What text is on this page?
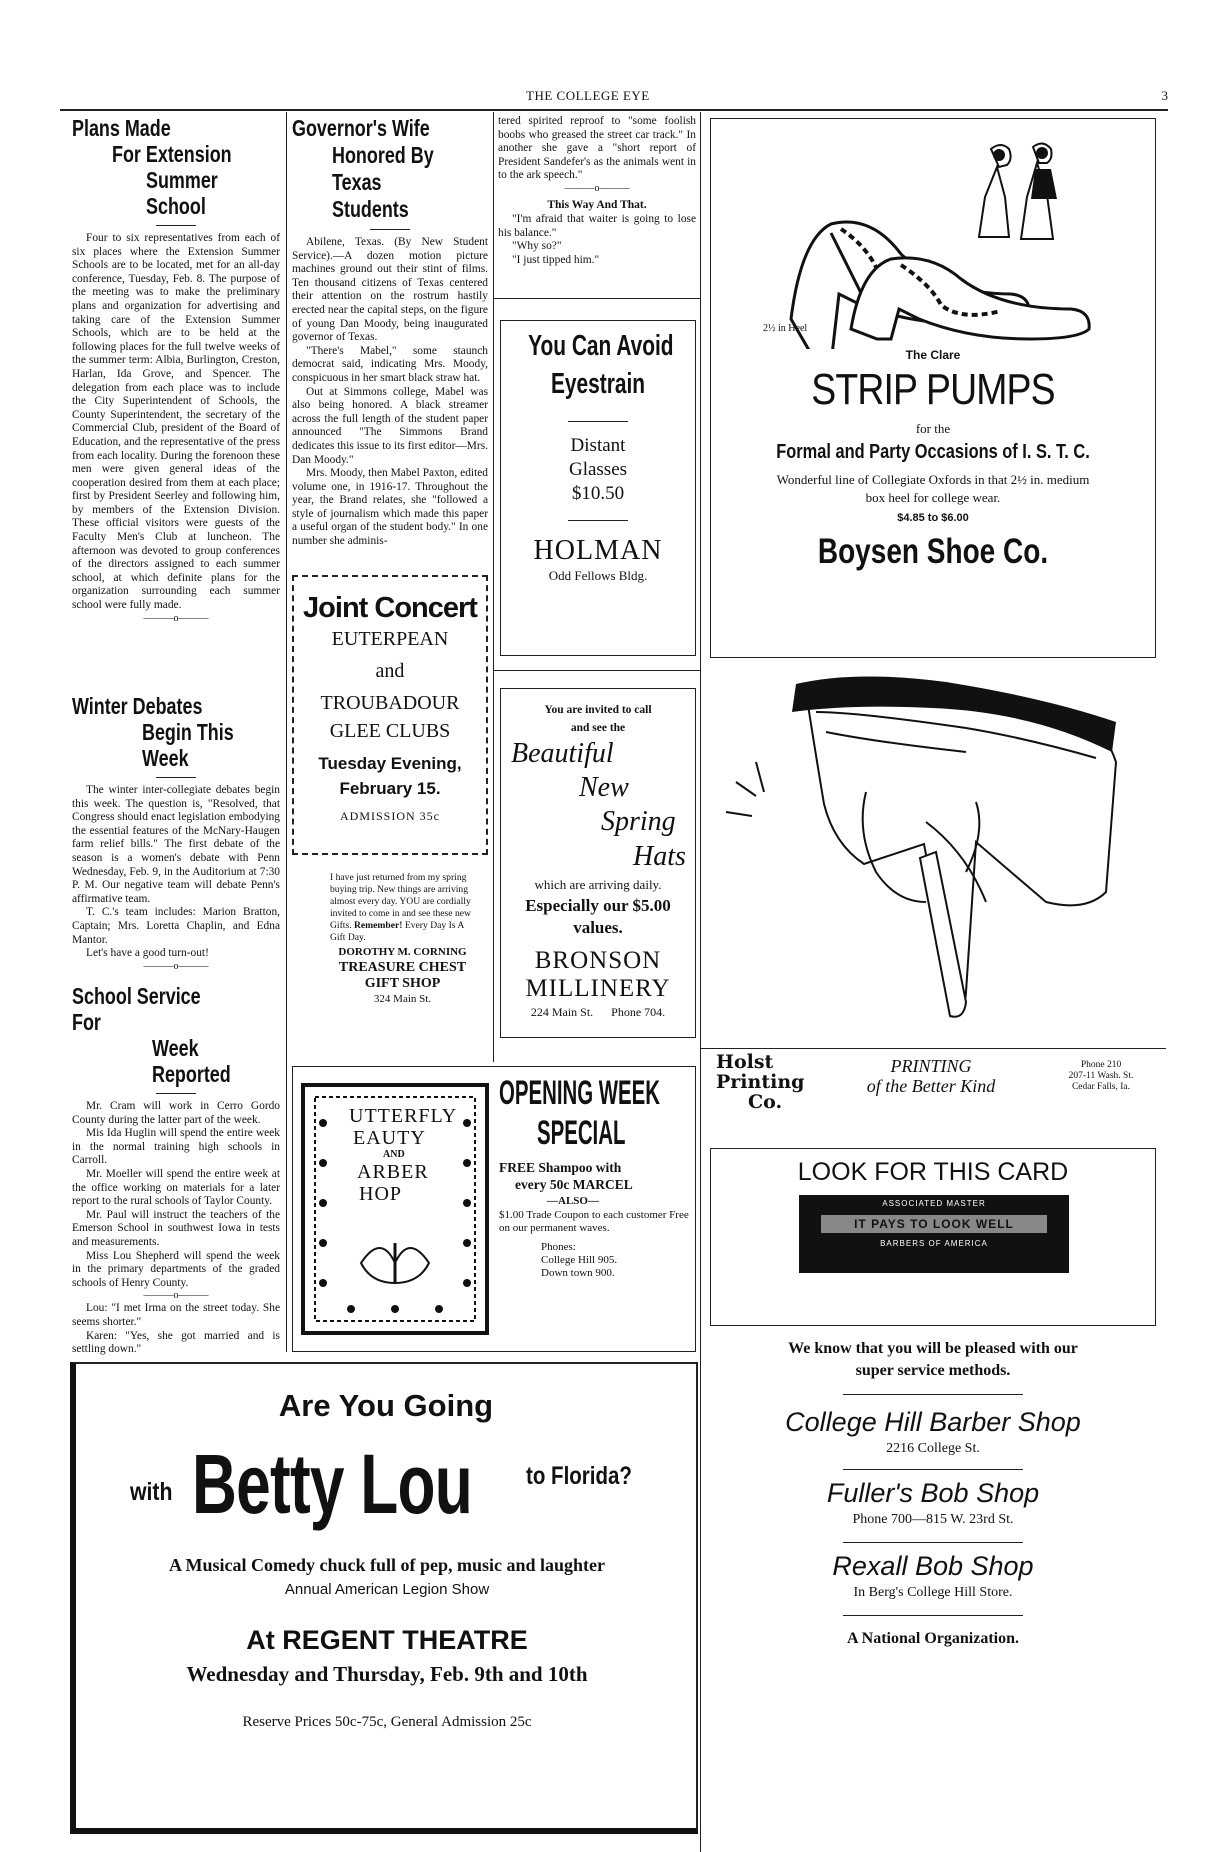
THE COLLEGE EYE	3
Plans Made
For Extension
Summer School

Four to six representatives from each of six places where the Extension Summer Schools are to be located, met for an all-day conference, Tuesday, Feb. 8. The purpose of the meeting was to make the preliminary plans and organization for advertising and taking care of the Extension Summer Schools, which are to be held at the following places for the full twelve weeks of the summer term: Albia, Burlington, Creston, Harlan, Ida Grove, and Spencer. The delegation from each place was to include the City Superintendent of Schools, the County Superintendent, the secretary of the Commercial Club, president of the Board of Education, and the representative of the press from each locality. During the forenoon these men were given general ideas of the cooperation desired from them at each place; first by President Seerley and following him, by members of the Extension Division. These official visitors were guests of the Faculty Men's Club at luncheon. The afternoon was devoted to group conferences of the directors assigned to each summer school, at which definite plans for the organization surrounding each summer school were fully made.

———o———
Winter Debates
Begin This Week

The winter inter-collegiate debates begin this week. The question is, "Resolved, that Congress should enact legislation embodying the essential features of the McNary-Haugen farm relief bills." The first debate of the season is a women's debate with Penn Wednesday, Feb. 9, in the Auditorium at 7:30 P. M. Our negative team will debate Penn's affirmative team.

T. C.'s team includes: Marion Bratton, Captain; Mrs. Loretta Chaplin, and Edna Mantor.

Let's have a good turn-out!

———o———
School Service For
Week Reported

Mr. Cram will work in Cerro Gordo County during the latter part of the week.

Mis Ida Huglin will spend the entire week in the normal training high schools in Carroll.

Mr. Moeller will spend the entire week at the office working on materials for a later report to the rural schools of Taylor County.

Mr. Paul will instruct the teachers of the Emerson School in southwest Iowa in tests and measurements.

Miss Lou Shepherd will spend the week in the primary departments of the graded schools of Henry County.

———o———

Lou: "I met Irma on the street today. She seems shorter."

Karen: "Yes, she got married and is settling down."

Governor's Wife
Honored By
Texas Students

Abilene, Texas. (By New Student Service).—A dozen motion picture machines ground out their stint of films. Ten thousand citizens of Texas centered their attention on the rostrum hastily erected near the capital steps, on the figure of young Dan Moody, being inaugurated governor of Texas.

"There's Mabel," some staunch democrat said, indicating Mrs. Moody, conspicuous in her smart black straw hat.

Out at Simmons college, Mabel was also being honored. A black streamer across the full length of the student paper announced "The Simmons Brand dedicates this issue to its first editor—Mrs. Dan Moody."

Mrs. Moody, then Mabel Paxton, edited volume one, in 1916-17. Throughout the year, the Brand relates, she "followed a style of journalism which made this paper a useful organ of the student body." In one number she adminis-

Joint Concert
EUTERPEAN
and
TROUBADOUR
GLEE CLUBS
Tuesday Evening,
February 15.
ADMISSION 35c
I have just returned from my spring buying trip. New things are arriving almost every day. YOU are cordially invited to come in and see these new Gifts. Remember! Every Day Is A Gift Day.
DOROTHY M. CORNING
TREASURE CHEST
GIFT SHOP
324 Main St.

tered spirited reproof to "some foolish boobs who greased the street car track." In another she gave a "short report of President Sandefer's as the animals went in to the ark speech."

———o———
This Way And That.

"I'm afraid that waiter is going to lose his balance."

"Why so?"

"I just tipped him."

You Can Avoid
Eyestrain
Distant
Glasses
$10.50
HOLMAN
Odd Fellows Bldg.
You are invited to call
and see the
Beautiful
New
Spring
Hats
which are arriving daily.
Especially our $5.00
values.
BRONSON
MILLINERY
224 Main St. Phone 704.
2½ in Heel
The Clare
STRIP PUMPS
for the
Formal and Party Occasions of I. S. T. C.
Wonderful line of Collegiate Oxfords in that 2½ in. medium
box heel for college wear.
$4.85 to $6.00
Boysen Shoe Co.
Holst
Printing
Co.
PRINTING
of the Better Kind
Phone 210
207-11 Wash. St.
Cedar Falls, Ia.
LOOK FOR THIS CARD
ASSOCIATED MASTER
IT PAYS TO LOOK WELL
BARBERS OF AMERICA
We know that you will be pleased with our
super service methods.
College Hill Barber Shop
2216 College St.
Fuller's Bob Shop
Phone 700—815 W. 23rd St.
Rexall Bob Shop
In Berg's College Hill Store.
A National Organization.
UTTERFLY
EAUTY
AND
ARBER
HOP
OPENING WEEK
SPECIAL
FREE Shampoo with
every 50c MARCEL
—ALSO—
$1.00 Trade Coupon to each customer Free on our permanent waves.
Phones:
College Hill 905.
Down town 900.
Are You Going
with Betty Lou to Florida?
A Musical Comedy chuck full of pep, music and laughter
Annual American Legion Show
At REGENT THEATRE
Wednesday and Thursday, Feb. 9th and 10th
Reserve Prices 50c-75c, General Admission 25c
